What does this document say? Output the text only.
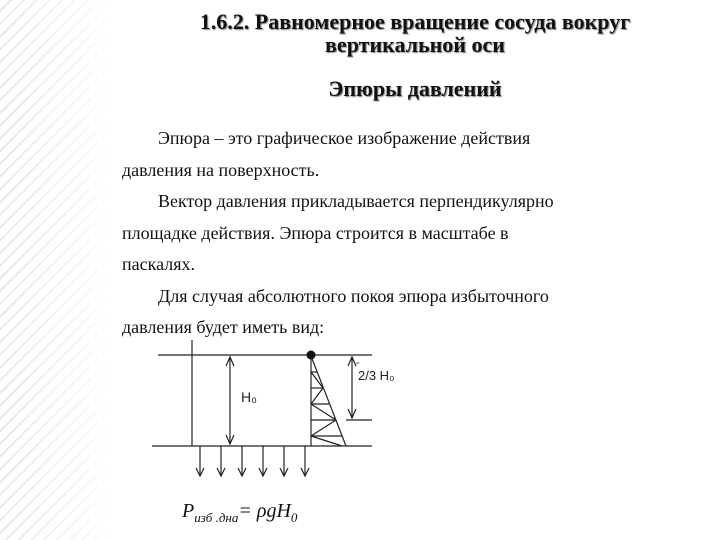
1.6.2. Равномерное вращение сосуда вокруг
вертикальной оси
Эпюры давлений
Эпюра – это графическое изображение действия
давления на поверхность.
Вектор давления прикладывается перпендикулярно
площадке действия. Эпюра строится в масштабе в
паскалях.
Для случая абсолютного покоя эпюра избыточного
давления будет иметь вид:
H₀
-
2/3 H₀
$P_{изб .дна}= \rho gH_0$
